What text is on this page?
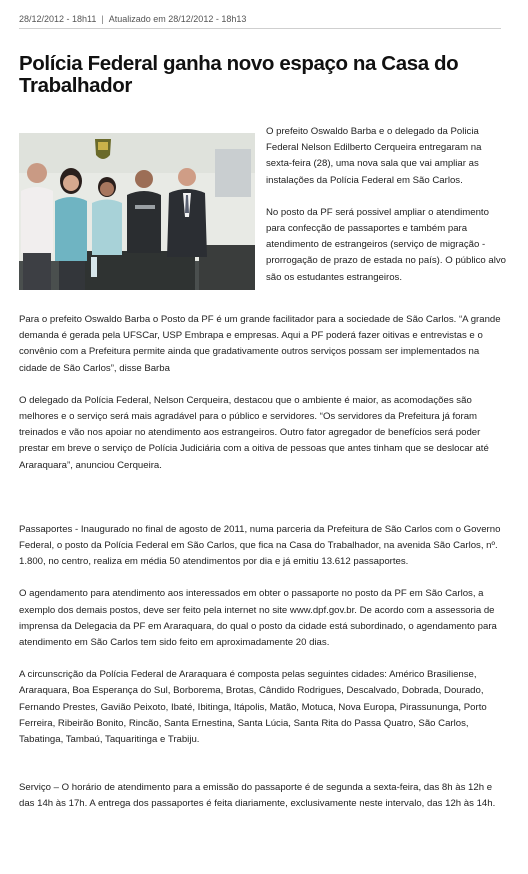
28/12/2012 - 18h11 | Atualizado em 28/12/2012 - 18h13
Polícia Federal ganha novo espaço na Casa do Trabalhador

O prefeito Oswaldo Barba e o delegado da Policia Federal Nelson Edilberto Cerqueira entregaram na sexta-feira (28), uma nova sala que vai ampliar as instalações da Polícia Federal em São Carlos.

No posto da PF será possivel ampliar o atendimento para confecção de passaportes e também para atendimento de estrangeiros (serviço de migração - prorrogação de prazo de estada no país). O público alvo são os estudantes estrangeiros.

Para o prefeito Oswaldo Barba o Posto da PF é um grande facilitador para a sociedade de São Carlos. “A grande demanda é gerada pela UFSCar, USP Embrapa e empresas. Aqui a PF poderá fazer oitivas e entrevistas e o convênio com a Prefeitura permite ainda que gradativamente outros serviços possam ser implementados na cidade de São Carlos”, disse Barba

O delegado da Polícia Federal, Nelson Cerqueira, destacou que o ambiente é maior, as acomodações são melhores e o serviço será mais agradável para o público e servidores. “Os servidores da Prefeitura já foram treinados e vão nos apoiar no atendimento aos estrangeiros. Outro fator agregador de benefícios será poder prestar em breve o serviço de Polícia Judiciária com a oitiva de pessoas que antes tinham que se deslocar até Araraquara”, anunciou Cerqueira.

Passaportes - Inaugurado no final de agosto de 2011, numa parceria da Prefeitura de São Carlos com o Governo Federal, o posto da Polícia Federal em São Carlos, que fica na Casa do Trabalhador, na avenida São Carlos, nº. 1.800, no centro, realiza em média 50 atendimentos por dia e já emitiu 13.612 passaportes.

O agendamento para atendimento aos interessados em obter o passaporte no posto da PF em São Carlos, a exemplo dos demais postos, deve ser feito pela internet no site www.dpf.gov.br. De acordo com a assessoria de imprensa da Delegacia da PF em Araraquara, do qual o posto da cidade está subordinado, o agendamento para atendimento em São Carlos tem sido feito em aproximadamente 20 dias.

A circunscrição da Polícia Federal de Araraquara é composta pelas seguintes cidades: Américo Brasiliense, Araraquara, Boa Esperança do Sul, Borborema, Brotas, Cândido Rodrigues, Descalvado, Dobrada, Dourado, Fernando Prestes, Gavião Peixoto, Ibaté, Ibitinga, Itápolis, Matão, Motuca, Nova Europa, Pirassununga, Porto Ferreira, Ribeirão Bonito, Rincão, Santa Ernestina, Santa Lúcia, Santa Rita do Passa Quatro, São Carlos, Tabatinga, Tambaú, Taquaritinga e Trabiju.

Serviço – O horário de atendimento para a emissão do passaporte é de segunda a sexta-feira, das 8h às 12h e das 14h às 17h. A entrega dos passaportes é feita diariamente, exclusivamente neste intervalo, das 12h às 14h.
